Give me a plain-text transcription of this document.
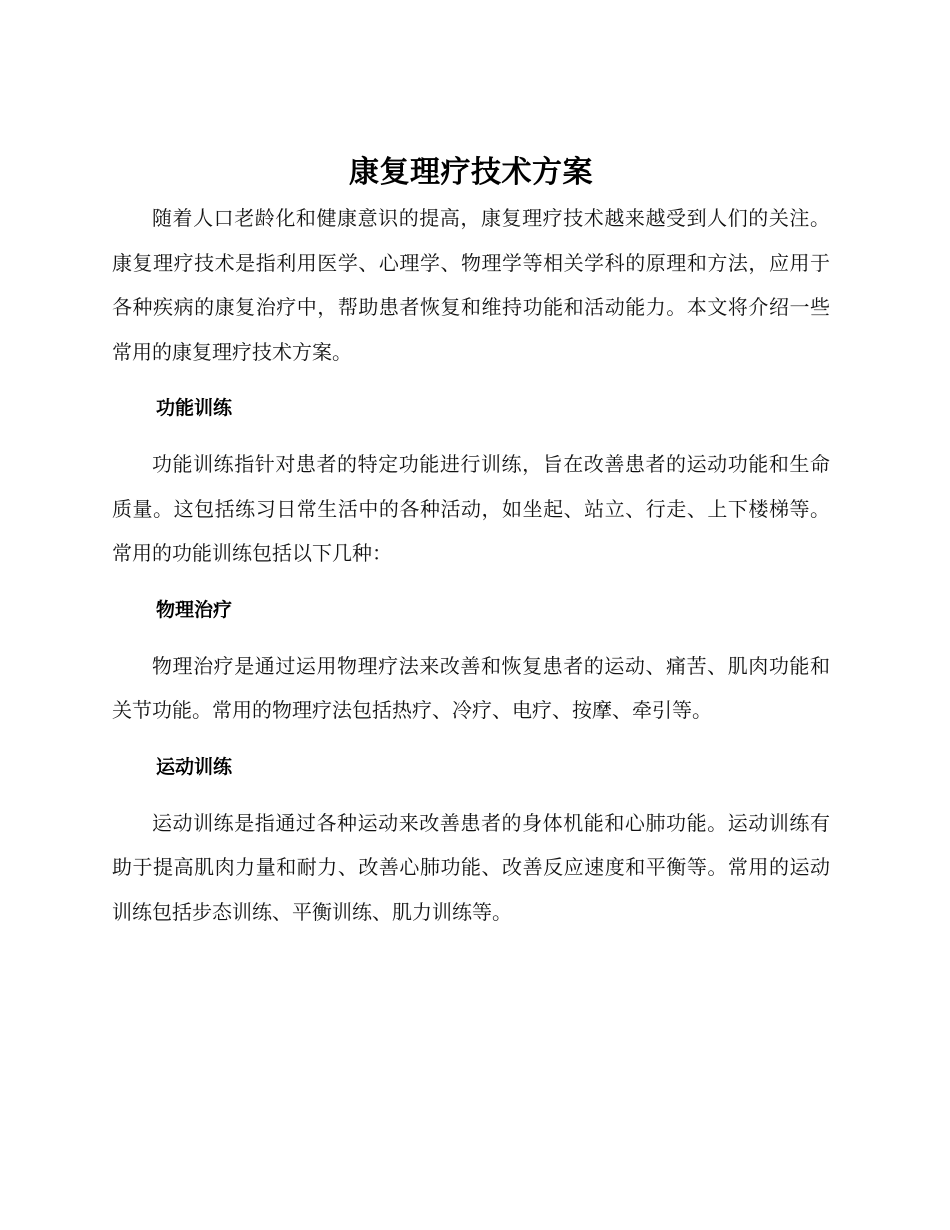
康复理疗技术方案

随着人口老龄化和健康意识的提高，康复理疗技术越来越受到人们的关注。康复理疗技术是指利用医学、心理学、物理学等相关学科的原理和方法，应用于各种疾病的康复治疗中，帮助患者恢复和维持功能和活动能力。本文将介绍一些常用的康复理疗技术方案。

功能训练

功能训练指针对患者的特定功能进行训练，旨在改善患者的运动功能和生命质量。这包括练习日常生活中的各种活动，如坐起、站立、行走、上下楼梯等。常用的功能训练包括以下几种：

物理治疗

物理治疗是通过运用物理疗法来改善和恢复患者的运动、痛苦、肌肉功能和关节功能。常用的物理疗法包括热疗、冷疗、电疗、按摩、牵引等。

运动训练

运动训练是指通过各种运动来改善患者的身体机能和心肺功能。运动训练有助于提高肌肉力量和耐力、改善心肺功能、改善反应速度和平衡等。常用的运动训练包括步态训练、平衡训练、肌力训练等。
